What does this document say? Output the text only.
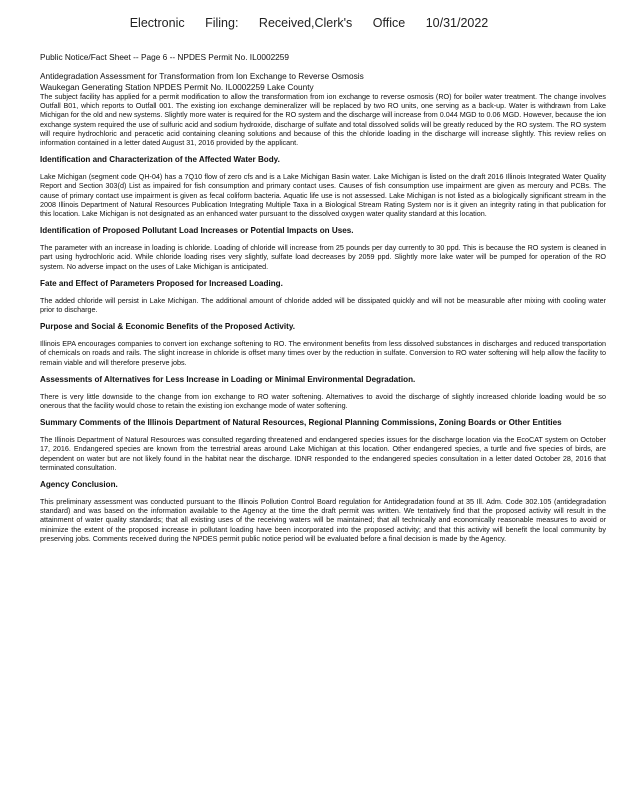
Electronic Filing: Received,Clerk's Office 10/31/2022

Public Notice/Fact Sheet -- Page 6 -- NPDES Permit No. IL0002259

Antidegradation Assessment for Transformation from Ion Exchange to Reverse Osmosis
Waukegan Generating Station NPDES Permit No. IL0002259 Lake County

The subject facility has applied for a permit modification to allow the transformation from ion exchange to reverse osmosis (RO) for boiler water treatment. The change involves Outfall B01, which reports to Outfall 001. The existing ion exchange demineralizer will be replaced by two RO units, one serving as a back-up. Water is withdrawn from Lake Michigan for the old and new systems. Slightly more water is required for the RO system and the discharge will increase from 0.044 MGD to 0.06 MGD. However, because the ion exchange system required the use of sulfuric acid and sodium hydroxide, discharge of sulfate and total dissolved solids will be greatly reduced by the RO system. The RO system will require hydrochloric and peracetic acid containing cleaning solutions and because of this the chloride loading in the discharge will increase slightly. This review relies on information contained in a letter dated August 31, 2016 provided by the applicant.

Identification and Characterization of the Affected Water Body.

Lake Michigan (segment code QH-04) has a 7Q10 flow of zero cfs and is a Lake Michigan Basin water. Lake Michigan is listed on the draft 2016 Illinois Integrated Water Quality Report and Section 303(d) List as impaired for fish consumption and primary contact uses. Causes of fish consumption use impairment are given as mercury and PCBs. The cause of primary contact use impairment is given as fecal coliform bacteria. Aquatic life use is not assessed. Lake Michigan is not listed as a biologically significant stream in the 2008 Illinois Department of Natural Resources Publication Integrating Multiple Taxa in a Biological Stream Rating System nor is it given an integrity rating in that publication for this location. Lake Michigan is not designated as an enhanced water pursuant to the dissolved oxygen water quality standard at this location.

Identification of Proposed Pollutant Load Increases or Potential Impacts on Uses.

The parameter with an increase in loading is chloride. Loading of chloride will increase from 25 pounds per day currently to 30 ppd. This is because the RO system is cleaned in part using hydrochloric acid. While chloride loading rises very slightly, sulfate load decreases by 2059 ppd. Slightly more lake water will be pumped for operation of the RO system. No adverse impact on the uses of Lake Michigan is anticipated.

Fate and Effect of Parameters Proposed for Increased Loading.

The added chloride will persist in Lake Michigan. The additional amount of chloride added will be dissipated quickly and will not be measurable after mixing with cooling water prior to discharge.

Purpose and Social & Economic Benefits of the Proposed Activity.

Illinois EPA encourages companies to convert ion exchange softening to RO. The environment benefits from less dissolved substances in discharges and reduced transportation of chemicals on roads and rails. The slight increase in chloride is offset many times over by the reduction in sulfate. Conversion to RO water softening will help allow the facility to remain viable and will therefore preserve jobs.

Assessments of Alternatives for Less Increase in Loading or Minimal Environmental Degradation.

There is very little downside to the change from ion exchange to RO water softening. Alternatives to avoid the discharge of slightly increased chloride loading would be so onerous that the facility would chose to retain the existing ion exchange mode of water softening.

Summary Comments of the Illinois Department of Natural Resources, Regional Planning Commissions, Zoning Boards or Other Entities

The Illinois Department of Natural Resources was consulted regarding threatened and endangered species issues for the discharge location via the EcoCAT system on October 17, 2016. Endangered species are known from the terrestrial areas around Lake Michigan at this location. Other endangered species, a turtle and five species of birds, are dependent on water but are not likely found in the habitat near the discharge. IDNR responded to the endangered species consultation in a letter dated October 28, 2016 that terminated consultation.

Agency Conclusion.

This preliminary assessment was conducted pursuant to the Illinois Pollution Control Board regulation for Antidegradation found at 35 Ill. Adm. Code 302.105 (antidegradation standard) and was based on the information available to the Agency at the time the draft permit was written. We tentatively find that the proposed activity will result in the attainment of water quality standards; that all existing uses of the receiving waters will be maintained; that all technically and economically reasonable measures to avoid or minimize the extent of the proposed increase in pollutant loading have been incorporated into the proposed activity; and that this activity will benefit the local community by preserving jobs. Comments received during the NPDES permit public notice period will be evaluated before a final decision is made by the Agency.
